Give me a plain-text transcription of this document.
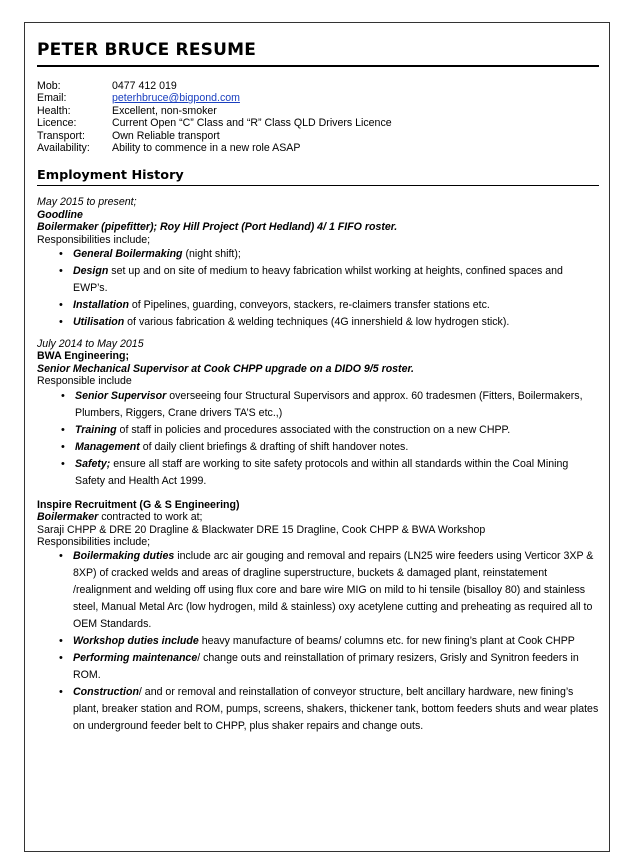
PETER BRUCE RESUME
Mob:	0477 412 019
Email:	peterhbruce@bigpond.com
Health:	Excellent, non-smoker
Licence:	Current Open “C” Class and “R” Class QLD Drivers Licence
Transport:	Own Reliable transport
Availability:	Ability to commence in a new role ASAP
Employment History

May 2015 to present;

Goodline

Boilermaker (pipefitter); Roy Hill Project (Port Hedland) 4/ 1 FIFO roster.

Responsibilities include;

• General Boilermaking (night shift);
• Design set up and on site of medium to heavy fabrication whilst working at heights, confined spaces and EWP’s.
• Installation of Pipelines, guarding, conveyors, stackers, re-claimers transfer stations etc.
• Utilisation of various fabrication & welding techniques (4G innershield & low hydrogen stick).

July 2014 to May 2015

BWA Engineering;

Senior Mechanical Supervisor at Cook CHPP upgrade on a DIDO 9/5 roster.

Responsible include

• Senior Supervisor overseeing four Structural Supervisors and approx. 60 tradesmen (Fitters, Boilermakers, Plumbers, Riggers, Crane drivers TA’S etc.,)
• Training of staff in policies and procedures associated with the construction on a new CHPP.
• Management of daily client briefings & drafting of shift handover notes.
• Safety; ensure all staff are working to site safety protocols and within all standards within the Coal Mining Safety and Health Act 1999.

Inspire Recruitment (G & S Engineering)

Boilermaker contracted to work at;

Saraji CHPP & DRE 20 Dragline & Blackwater DRE 15 Dragline, Cook CHPP & BWA Workshop

Responsibilities include;

• Boilermaking duties include arc air gouging and removal and repairs (LN25 wire feeders using Verticor 3XP & 8XP) of cracked welds and areas of dragline superstructure, buckets & damaged plant, reinstatement /realignment and welding off using flux core and bare wire MIG on mild to hi tensile (bisalloy 80) and stainless steel, Manual Metal Arc (low hydrogen, mild & stainless) oxy acetylene cutting and preheating as required all to OEM Standards.
• Workshop duties include heavy manufacture of beams/ columns etc. for new fining’s plant at Cook CHPP
• Performing maintenance/ change outs and reinstallation of primary resizers, Grisly and Synitron feeders in ROM.
• Construction/ and or removal and reinstallation of conveyor structure, belt ancillary hardware, new fining’s plant, breaker station and ROM, pumps, screens, shakers, thickener tank, bottom feeders shuts and wear plates on underground feeder belt to CHPP, plus shaker repairs and change outs.
